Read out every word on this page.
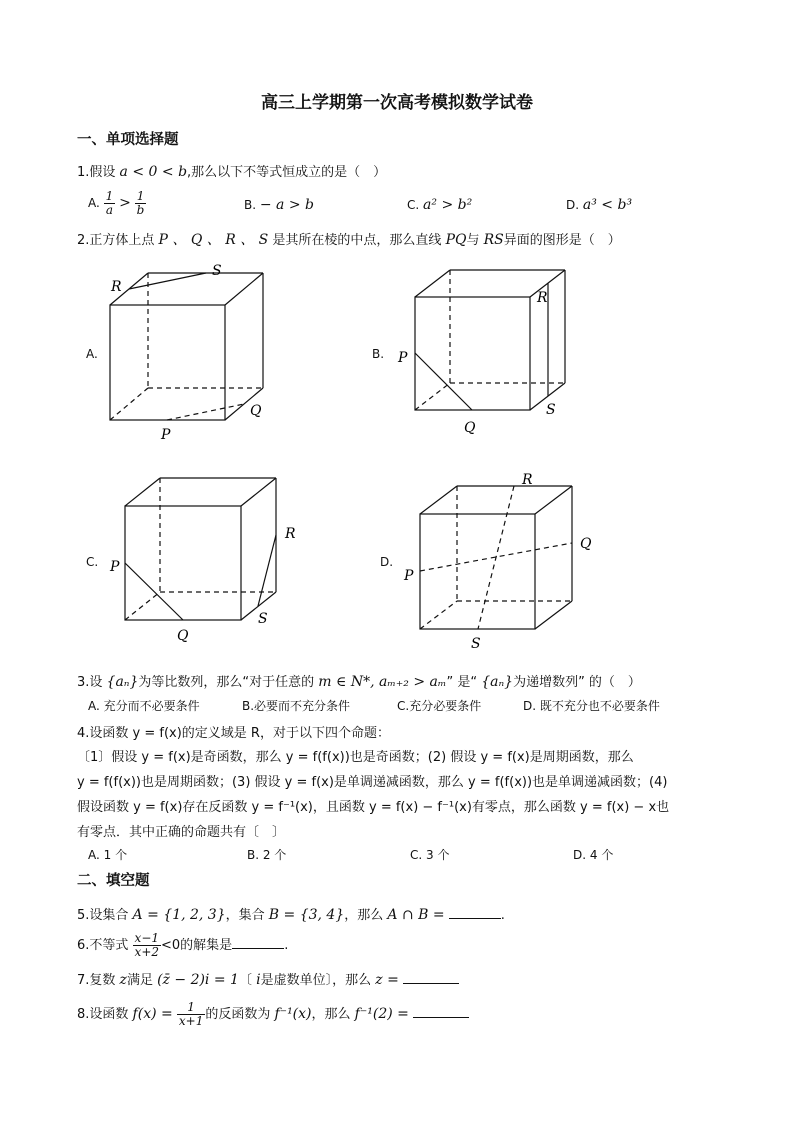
高三上学期第一次高考模拟数学试卷
一、单项选择题
1.假设 a < 0 < b,那么以下不等式恒成立的是（　）
A. $\frac{1}{a} > \frac{1}{b}$	B. − a > b	C. a² > b²	D. a³ < b³
2.正方体上点 P 、 Q 、 R 、 S 是其所在棱的中点，那么直线 PQ与 RS异面的图形是（　）
A.	B.
C.	D.
R
S
P
Q
P
Q
R
S
P
Q
R
S
P
Q
R
S
3.设 {aₙ}为等比数列，那么“对于任意的 m ∈ N*, aₘ₊₂ > aₘ” 是“ {aₙ}为递增数列” 的（　）
A. 充分而不必要条件	B.必要而不充分条件	C.充分必要条件	D. 既不充分也不必要条件
4.设函数 y = f(x)的定义域是 R，对于以下四个命题：
〔1〕假设 y = f(x)是奇函数，那么 y = f(f(x))也是奇函数；(2) 假设 y = f(x)是周期函数，那么
y = f(f(x))也是周期函数；(3) 假设 y = f(x)是单调递减函数，那么 y = f(f(x))也是单调递减函数；(4)
假设函数 y = f(x)存在反函数 y = f⁻¹(x)，且函数 y = f(x) − f⁻¹(x)有零点，那么函数 y = f(x) − x也
有零点．其中正确的命题共有〔　〕
A. 1 个	B. 2 个	C. 3 个	D. 4 个
二、填空题
5.设集合 A = {1, 2, 3}，集合 B = {3, 4}，那么 A ∩ B =	.
6.不等式 $\frac{x-1}{x+2} <0$的解集是	.
7.复数 z满足 (z̄ − 2)i = 1〔 i是虚数单位〕，那么 z =
8.设函数 $f(x) = \frac{1}{x+1}$ 的反函数为 f⁻¹(x)，那么 f⁻¹(2) =
